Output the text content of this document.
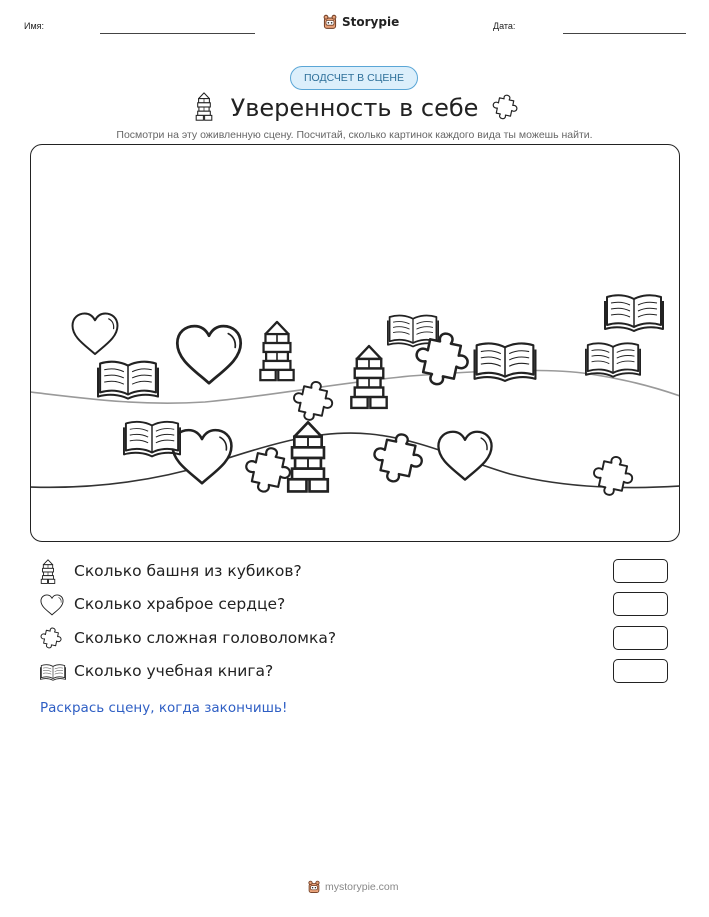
Имя:	Storypie	Дата:
ПОДСЧЕТ В СЦЕНЕ
Уверенность в себе
Посмотри на эту оживленную сцену. Посчитай, сколько картинок каждого вида ты можешь найти.
Сколько башня из кубиков?
Сколько храброе сердце?
Сколько сложная головоломка?
Сколько учебная книга?
Раскрась сцену, когда закончишь!
mystorypie.com
